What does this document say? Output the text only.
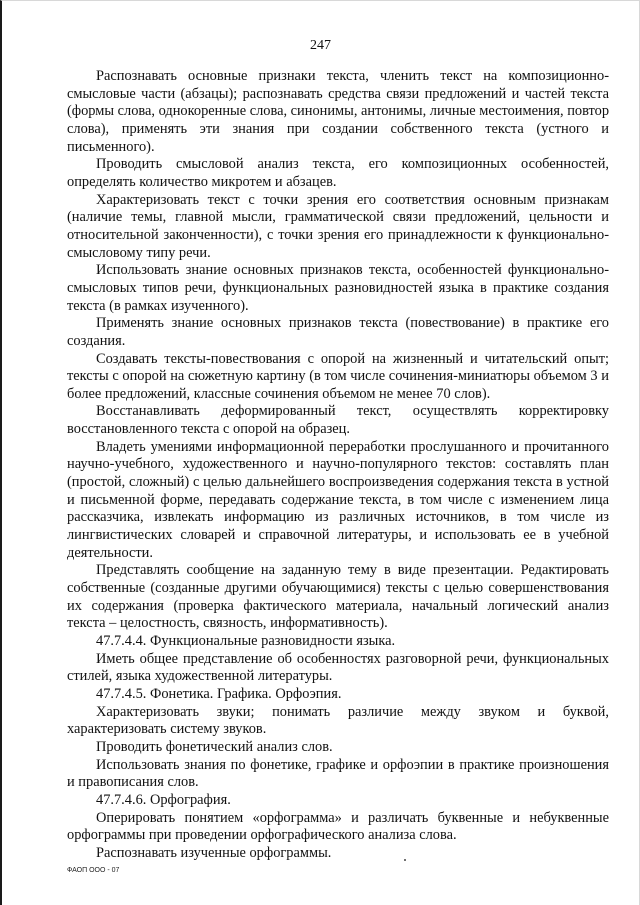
247

Распознавать основные признаки текста, членить текст на композиционно-смысловые части (абзацы); распознавать средства связи предложений и частей текста (формы слова, однокоренные слова, синонимы, антонимы, личные местоимения, повтор слова), применять эти знания при создании собственного текста (устного и письменного).

Проводить смысловой анализ текста, его композиционных особенностей, определять количество микротем и абзацев.

Характеризовать текст с точки зрения его соответствия основным признакам (наличие темы, главной мысли, грамматической связи предложений, цельности и относительной законченности), с точки зрения его принадлежности к функционально-смысловому типу речи.

Использовать знание основных признаков текста, особенностей функционально-смысловых типов речи, функциональных разновидностей языка в практике создания текста (в рамках изученного).

Применять знание основных признаков текста (повествование) в практике его создания.

Создавать тексты-повествования с опорой на жизненный и читательский опыт; тексты с опорой на сюжетную картину (в том числе сочинения-миниатюры объемом 3 и более предложений, классные сочинения объемом не менее 70 слов).

Восстанавливать деформированный текст, осуществлять корректировку восстановленного текста с опорой на образец.

Владеть умениями информационной переработки прослушанного и прочитанного научно-учебного, художественного и научно-популярного текстов: составлять план (простой, сложный) с целью дальнейшего воспроизведения содержания текста в устной и письменной форме, передавать содержание текста, в том числе с изменением лица рассказчика, извлекать информацию из различных источников, в том числе из лингвистических словарей и справочной литературы, и использовать ее в учебной деятельности.

Представлять сообщение на заданную тему в виде презентации. Редактировать собственные (созданные другими обучающимися) тексты с целью совершенствования их содержания (проверка фактического материала, начальный логический анализ текста – целостность, связность, информативность).

47.7.4.4. Функциональные разновидности языка.

Иметь общее представление об особенностях разговорной речи, функциональных стилей, языка художественной литературы.

47.7.4.5. Фонетика. Графика. Орфоэпия.

Характеризовать звуки; понимать различие между звуком и буквой, характеризовать систему звуков.

Проводить фонетический анализ слов.

Использовать знания по фонетике, графике и орфоэпии в практике произношения и правописания слов.

47.7.4.6. Орфография.

Оперировать понятием «орфограмма» и различать буквенные и небуквенные орфограммы при проведении орфографического анализа слова.

Распознавать изученные орфограммы.

ФАОП ООО - 07
